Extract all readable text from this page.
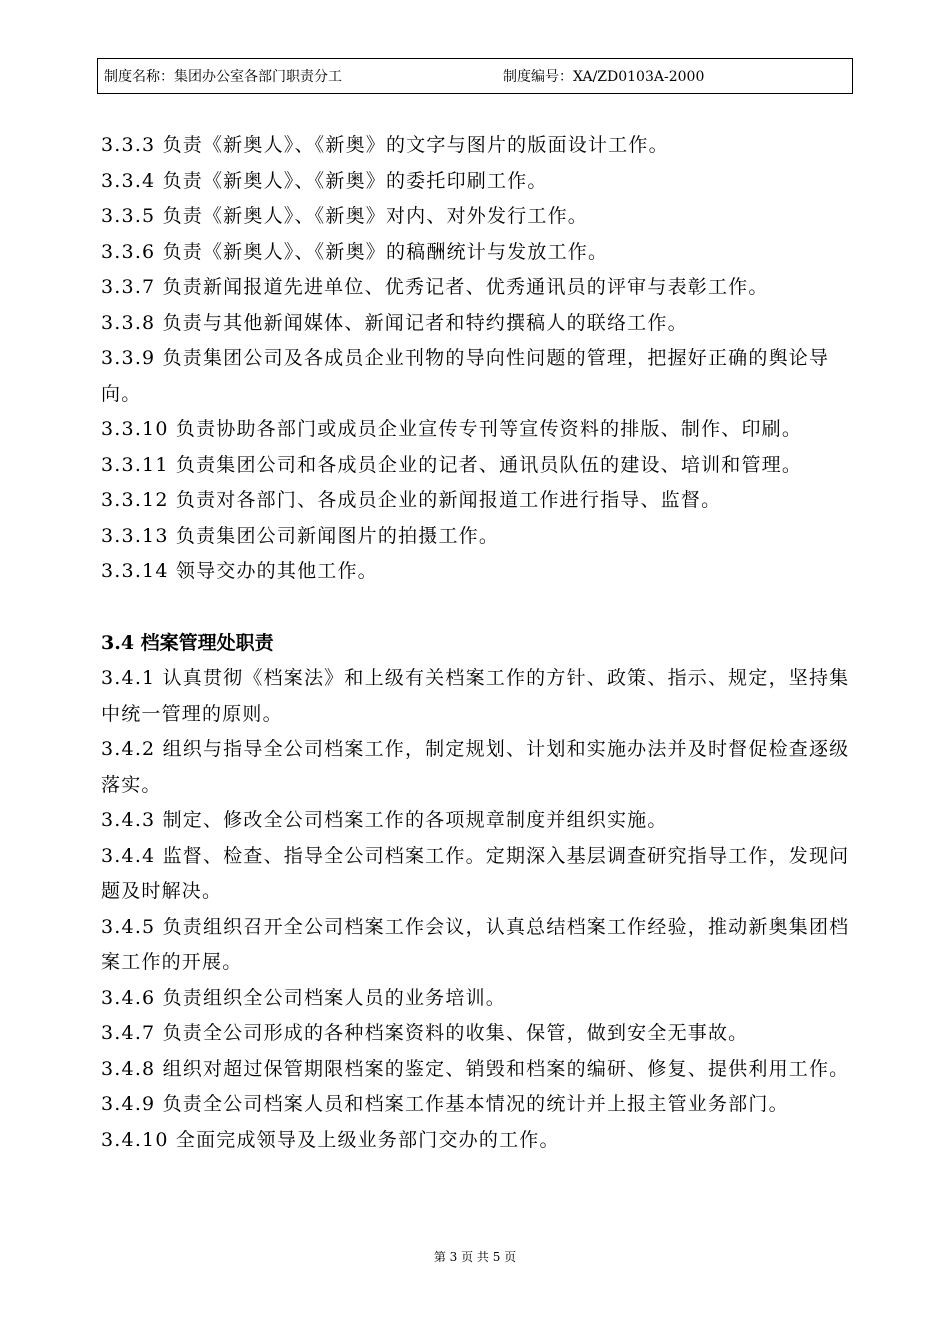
制度名称：集团办公室各部门职责分工	制度编号：XA/ZD0103A-2000

3.3.3 负责《新奥人》、《新奥》的文字与图片的版面设计工作。

3.3.4 负责《新奥人》、《新奥》的委托印刷工作。

3.3.5 负责《新奥人》、《新奥》对内、对外发行工作。

3.3.6 负责《新奥人》、《新奥》的稿酬统计与发放工作。

3.3.7 负责新闻报道先进单位、优秀记者、优秀通讯员的评审与表彰工作。

3.3.8 负责与其他新闻媒体、新闻记者和特约撰稿人的联络工作。

3.3.9 负责集团公司及各成员企业刊物的导向性问题的管理，把握好正确的舆论导向。

3.3.10 负责协助各部门或成员企业宣传专刊等宣传资料的排版、制作、印刷。

3.3.11 负责集团公司和各成员企业的记者、通讯员队伍的建设、培训和管理。

3.3.12 负责对各部门、各成员企业的新闻报道工作进行指导、监督。

3.3.13 负责集团公司新闻图片的拍摄工作。

3.3.14 领导交办的其他工作。

3.4 档案管理处职责

3.4.1 认真贯彻《档案法》和上级有关档案工作的方针、政策、指示、规定，坚持集中统一管理的原则。

3.4.2 组织与指导全公司档案工作，制定规划、计划和实施办法并及时督促检查逐级落实。

3.4.3 制定、修改全公司档案工作的各项规章制度并组织实施。

3.4.4 监督、检查、指导全公司档案工作。定期深入基层调查研究指导工作，发现问题及时解决。

3.4.5 负责组织召开全公司档案工作会议，认真总结档案工作经验，推动新奥集团档案工作的开展。

3.4.6 负责组织全公司档案人员的业务培训。

3.4.7 负责全公司形成的各种档案资料的收集、保管，做到安全无事故。

3.4.8 组织对超过保管期限档案的鉴定、销毁和档案的编研、修复、提供利用工作。

3.4.9 负责全公司档案人员和档案工作基本情况的统计并上报主管业务部门。

3.4.10 全面完成领导及上级业务部门交办的工作。

第 3 页 共 5 页
